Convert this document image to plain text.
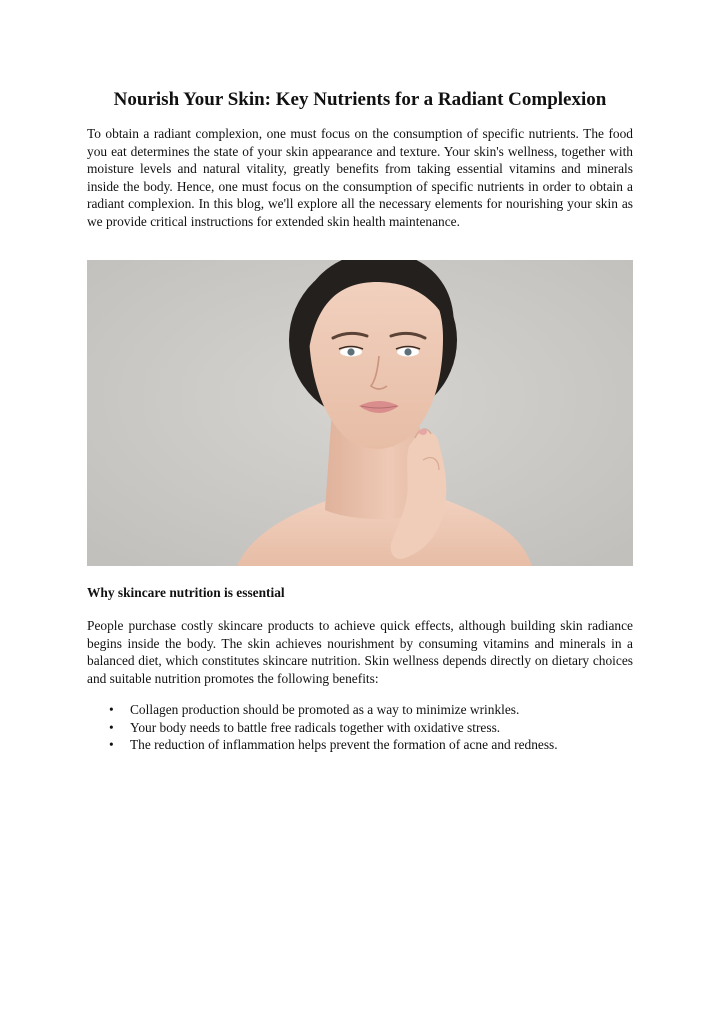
Nourish Your Skin: Key Nutrients for a Radiant Complexion

To obtain a radiant complexion, one must focus on the consumption of specific nutrients. The food you eat determines the state of your skin appearance and texture. Your skin's wellness, together with moisture levels and natural vitality, greatly benefits from taking essential vitamins and minerals inside the body. Hence, one must focus on the consumption of specific nutrients in order to obtain a radiant complexion. In this blog, we'll explore all the necessary elements for nourishing your skin as we provide critical instructions for extended skin health maintenance.

Why skincare nutrition is essential

People purchase costly skincare products to achieve quick effects, although building skin radiance begins inside the body. The skin achieves nourishment by consuming vitamins and minerals in a balanced diet, which constitutes skincare nutrition. Skin wellness depends directly on dietary choices and suitable nutrition promotes the following benefits:

• Collagen production should be promoted as a way to minimize wrinkles.
• Your body needs to battle free radicals together with oxidative stress.
• The reduction of inflammation helps prevent the formation of acne and redness.
